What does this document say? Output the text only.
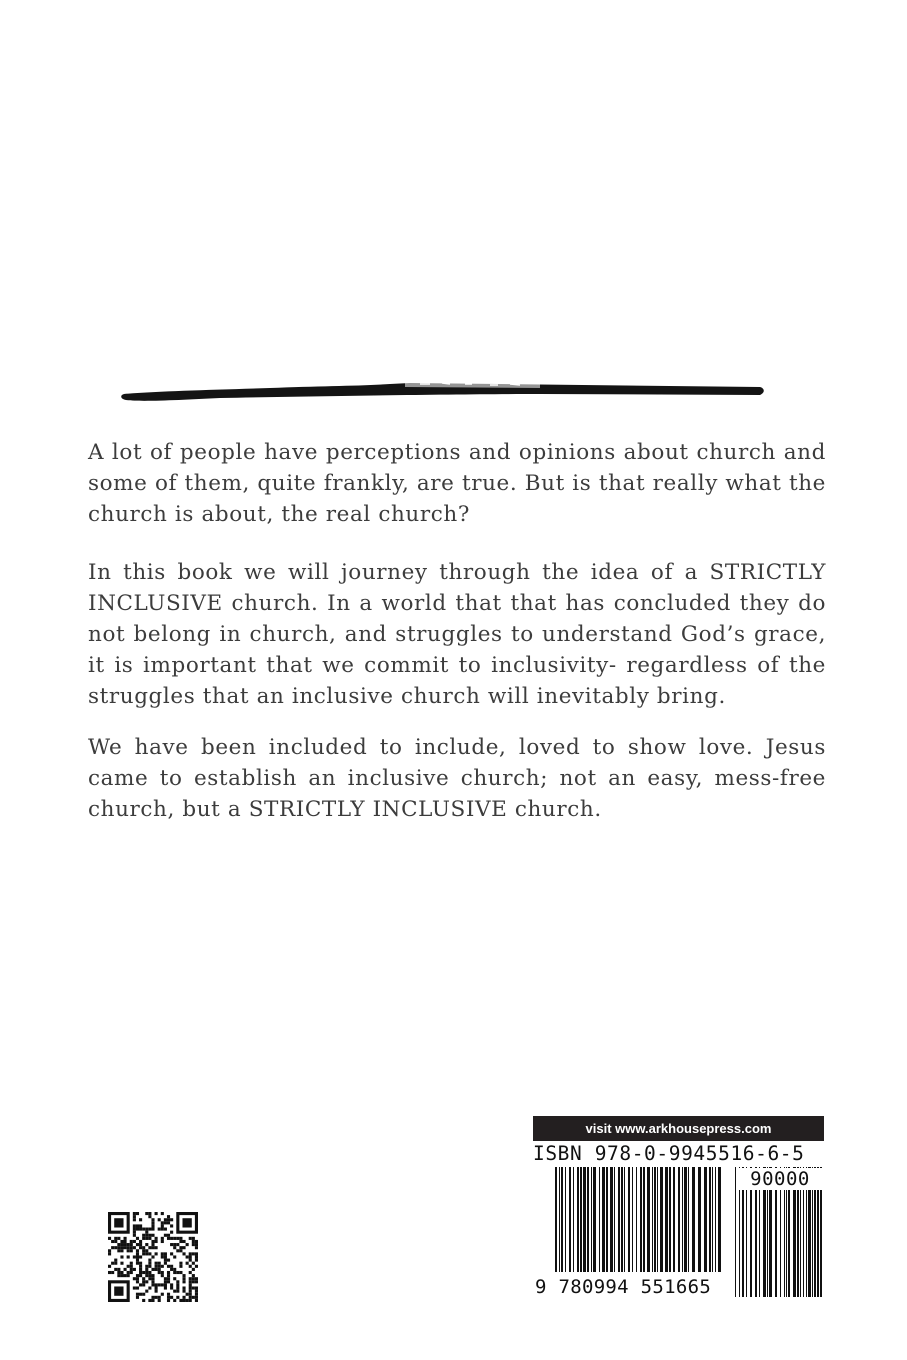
A lot of people have perceptions and opinions about church and some of them, quite frankly, are true. But is that really what the church is about, the real church?

In this book we will journey through the idea of a STRICTLY INCLUSIVE church. In a world that that has concluded they do not belong in church, and struggles to understand God’s grace, it is important that we commit to inclusivity- regardless of the struggles that an inclusive church will inevitably bring.

We have been included to include, loved to show love. Jesus came to establish an inclusive church; not an easy, mess-free church, but a STRICTLY INCLUSIVE church.

visit www.arkhousepress.com
ISBN 978-0-9945516-6-5
90000
9 780994 551665
